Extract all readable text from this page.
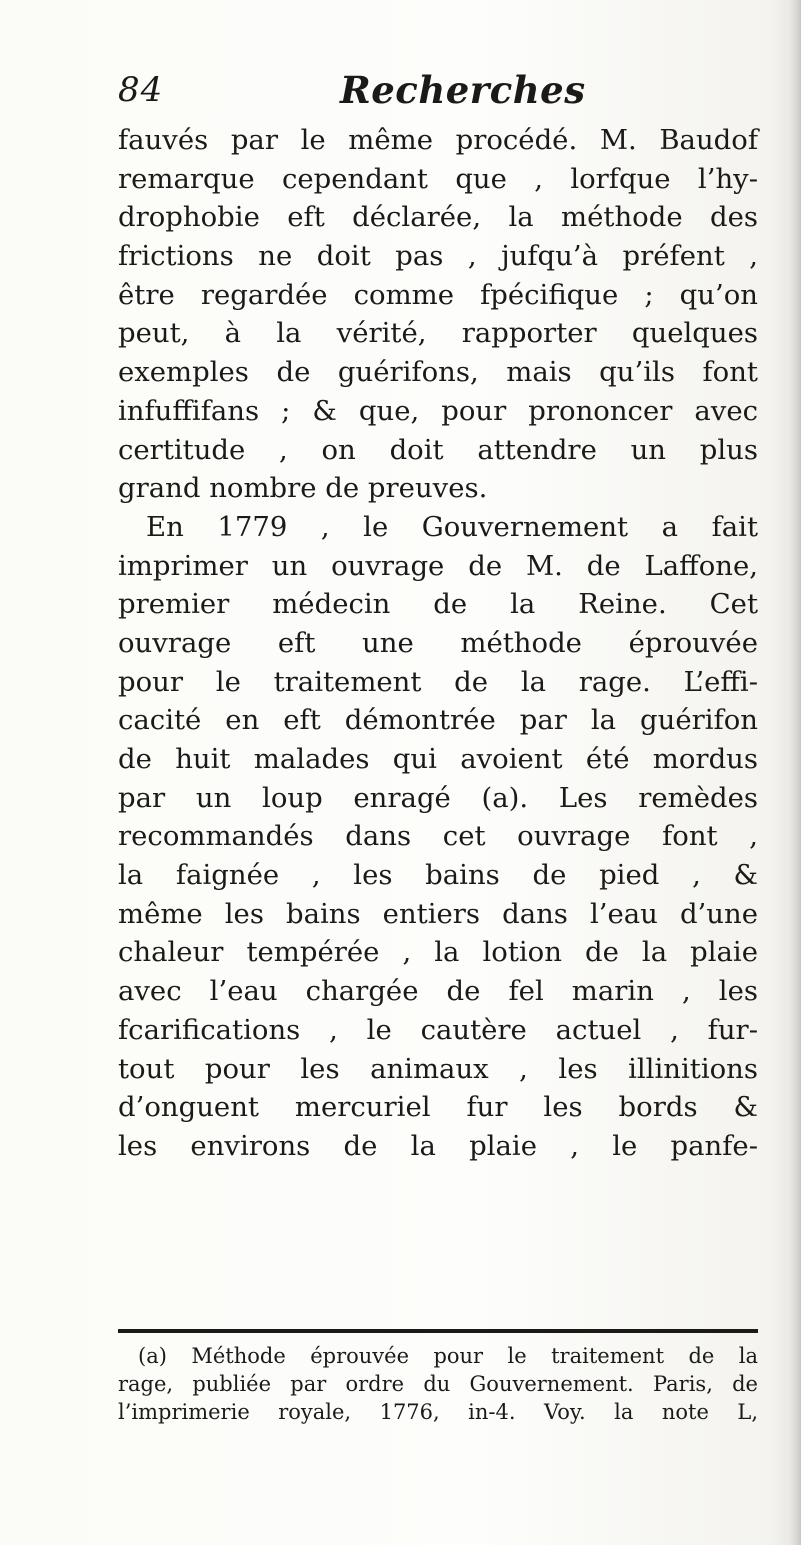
84	Recherches
fauvés par le même procédé. M. Baudof
remarque cependant que , lorfque l’hy-
drophobie eft déclarée, la méthode des
frictions ne doit pas , jufqu’à préfent ,
être regardée comme fpécifique ; qu’on
peut, à la vérité, rapporter quelques
exemples de guérifons, mais qu’ils font
infuffifans ; & que, pour prononcer avec
certitude , on doit attendre un plus
grand nombre de preuves.
En 1779 , le Gouvernement a fait
imprimer un ouvrage de M. de Laffone,
premier médecin de la Reine. Cet
ouvrage eft une méthode éprouvée
pour le traitement de la rage. L’effi-
cacité en eft démontrée par la guérifon
de huit malades qui avoient été mordus
par un loup enragé (a). Les remèdes
recommandés dans cet ouvrage font ,
la faignée , les bains de pied , &
même les bains entiers dans l’eau d’une
chaleur tempérée , la lotion de la plaie
avec l’eau chargée de fel marin , les
fcarifications , le cautère actuel , fur-
tout pour les animaux , les illinitions
d’onguent mercuriel fur les bords &
les environs de la plaie , le panfe-
(a) Méthode éprouvée pour le traitement de la
rage, publiée par ordre du Gouvernement. Paris, de
l’imprimerie royale, 1776, in-4. Voy. la note L,
